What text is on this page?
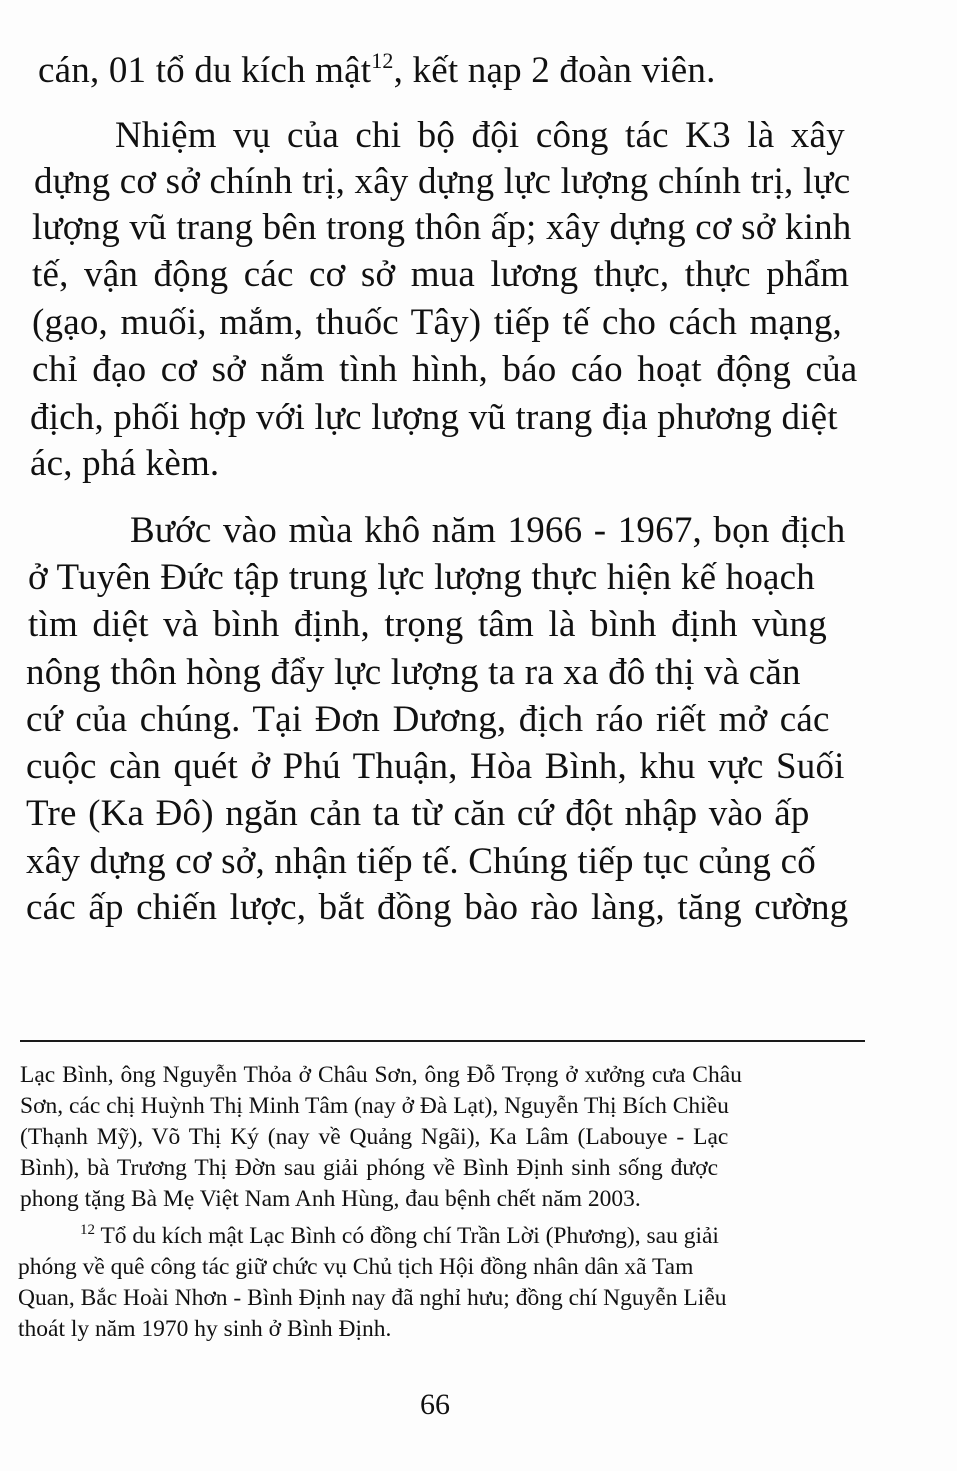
cán, 01 tổ du kích mật$^{12}$, kết nạp 2 đoàn viên.
Nhiệm vụ của chi bộ đội công tác K3 là xây
dựng cơ sở chính trị, xây dựng lực lượng chính trị, lực
lượng vũ trang bên trong thôn ấp; xây dựng cơ sở kinh
tế, vận động các cơ sở mua lương thực, thực phẩm
(gạo, muối, mắm, thuốc Tây) tiếp tế cho cách mạng,
chỉ đạo cơ sở nắm tình hình, báo cáo hoạt động của
địch, phối hợp với lực lượng vũ trang địa phương diệt
ác, phá kèm.
Bước vào mùa khô năm 1966 - 1967, bọn địch
ở Tuyên Đức tập trung lực lượng thực hiện kế hoạch
tìm diệt và bình định, trọng tâm là bình định vùng
nông thôn hòng đẩy lực lượng ta ra xa đô thị và căn
cứ của chúng. Tại Đơn Dương, địch ráo riết mở các
cuộc càn quét ở Phú Thuận, Hòa Bình, khu vực Suối
Tre (Ka Đô) ngăn cản ta từ căn cứ đột nhập vào ấp
xây dựng cơ sở, nhận tiếp tế. Chúng tiếp tục củng cố
các ấp chiến lược, bắt đồng bào rào làng, tăng cường
Lạc Bình, ông Nguyễn Thỏa ở Châu Sơn, ông Đỗ Trọng ở xưởng cưa Châu
Sơn, các chị Huỳnh Thị Minh Tâm (nay ở Đà Lạt), Nguyễn Thị Bích Chiều
(Thạnh Mỹ), Võ Thị Ký (nay về Quảng Ngãi), Ka Lâm (Labouye - Lạc
Bình), bà Trương Thị Đờn sau giải phóng về Bình Định sinh sống được
phong tặng Bà Mẹ Việt Nam Anh Hùng, đau bệnh chết năm 2003.
$^{12}$ Tổ du kích mật Lạc Bình có đồng chí Trần Lời (Phương), sau giải
phóng về quê công tác giữ chức vụ Chủ tịch Hội đồng nhân dân xã Tam
Quan, Bắc Hoài Nhơn - Bình Định nay đã nghỉ hưu; đồng chí Nguyễn Liễu
thoát ly năm 1970 hy sinh ở Bình Định.
66
